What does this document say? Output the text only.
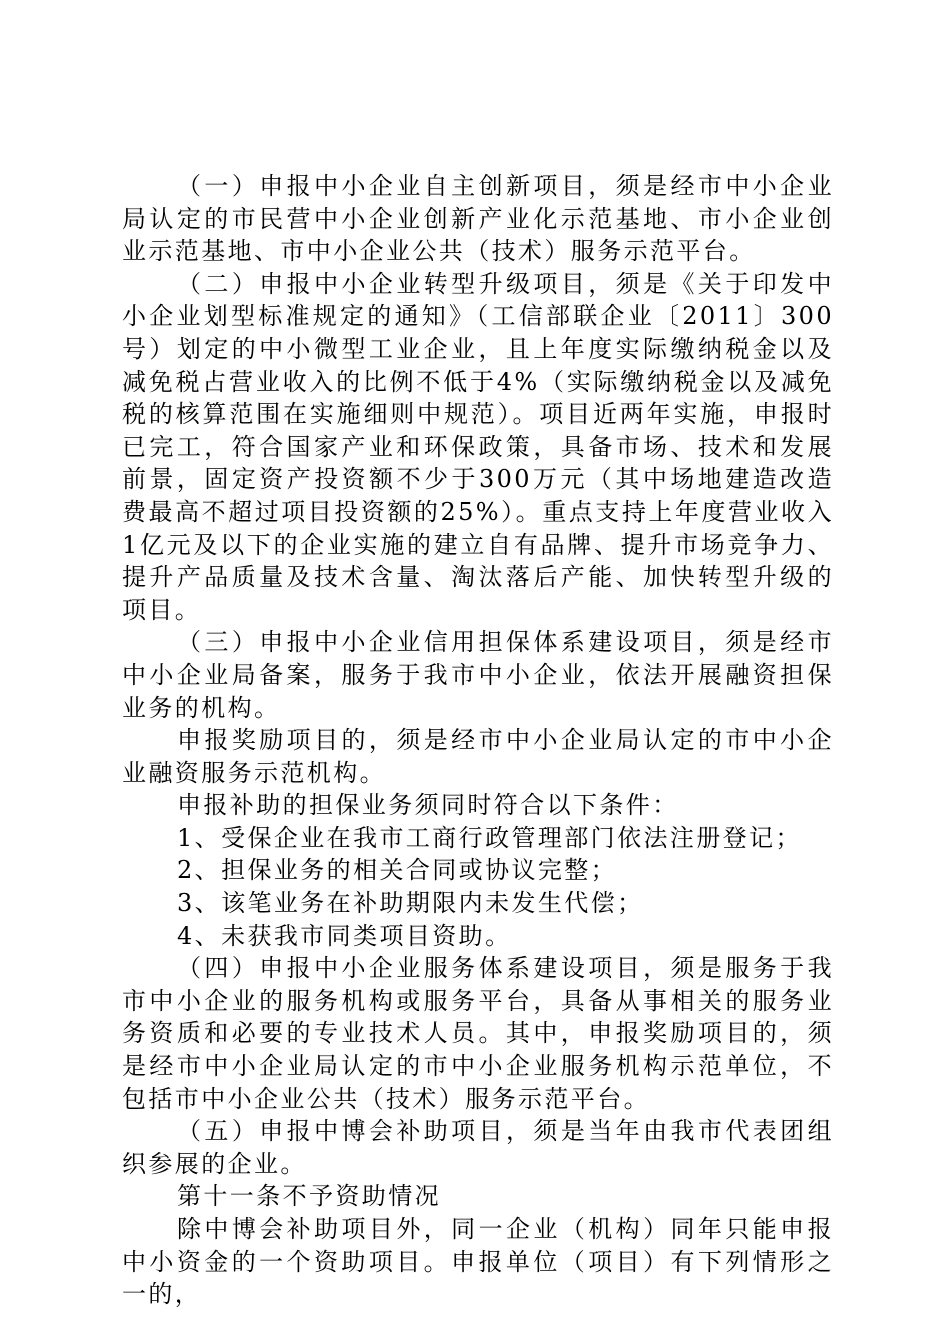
（一）申报中小企业自主创新项目，须是经市中小企业局认定的市民营中小企业创新产业化示范基地、市小企业创业示范基地、市中小企业公共（技术）服务示范平台。

（二）申报中小企业转型升级项目，须是《关于印发中小企业划型标准规定的通知》（工信部联企业〔2011〕300号）划定的中小微型工业企业，且上年度实际缴纳税金以及减免税占营业收入的比例不低于4%（实际缴纳税金以及减免税的核算范围在实施细则中规范）。项目近两年实施，申报时已完工，符合国家产业和环保政策，具备市场、技术和发展前景，固定资产投资额不少于300万元（其中场地建造改造费最高不超过项目投资额的25%）。重点支持上年度营业收入1亿元及以下的企业实施的建立自有品牌、提升市场竞争力、提升产品质量及技术含量、淘汰落后产能、加快转型升级的项目。

（三）申报中小企业信用担保体系建设项目，须是经市中小企业局备案，服务于我市中小企业，依法开展融资担保业务的机构。

申报奖励项目的，须是经市中小企业局认定的市中小企业融资服务示范机构。

申报补助的担保业务须同时符合以下条件：

1、受保企业在我市工商行政管理部门依法注册登记；

2、担保业务的相关合同或协议完整；

3、该笔业务在补助期限内未发生代偿；

4、未获我市同类项目资助。

（四）申报中小企业服务体系建设项目，须是服务于我市中小企业的服务机构或服务平台，具备从事相关的服务业务资质和必要的专业技术人员。其中，申报奖励项目的，须是经市中小企业局认定的市中小企业服务机构示范单位，不包括市中小企业公共（技术）服务示范平台。

（五）申报中博会补助项目，须是当年由我市代表团组织参展的企业。

第十一条不予资助情况

除中博会补助项目外，同一企业（机构）同年只能申报中小资金的一个资助项目。申报单位（项目）有下列情形之一的，
